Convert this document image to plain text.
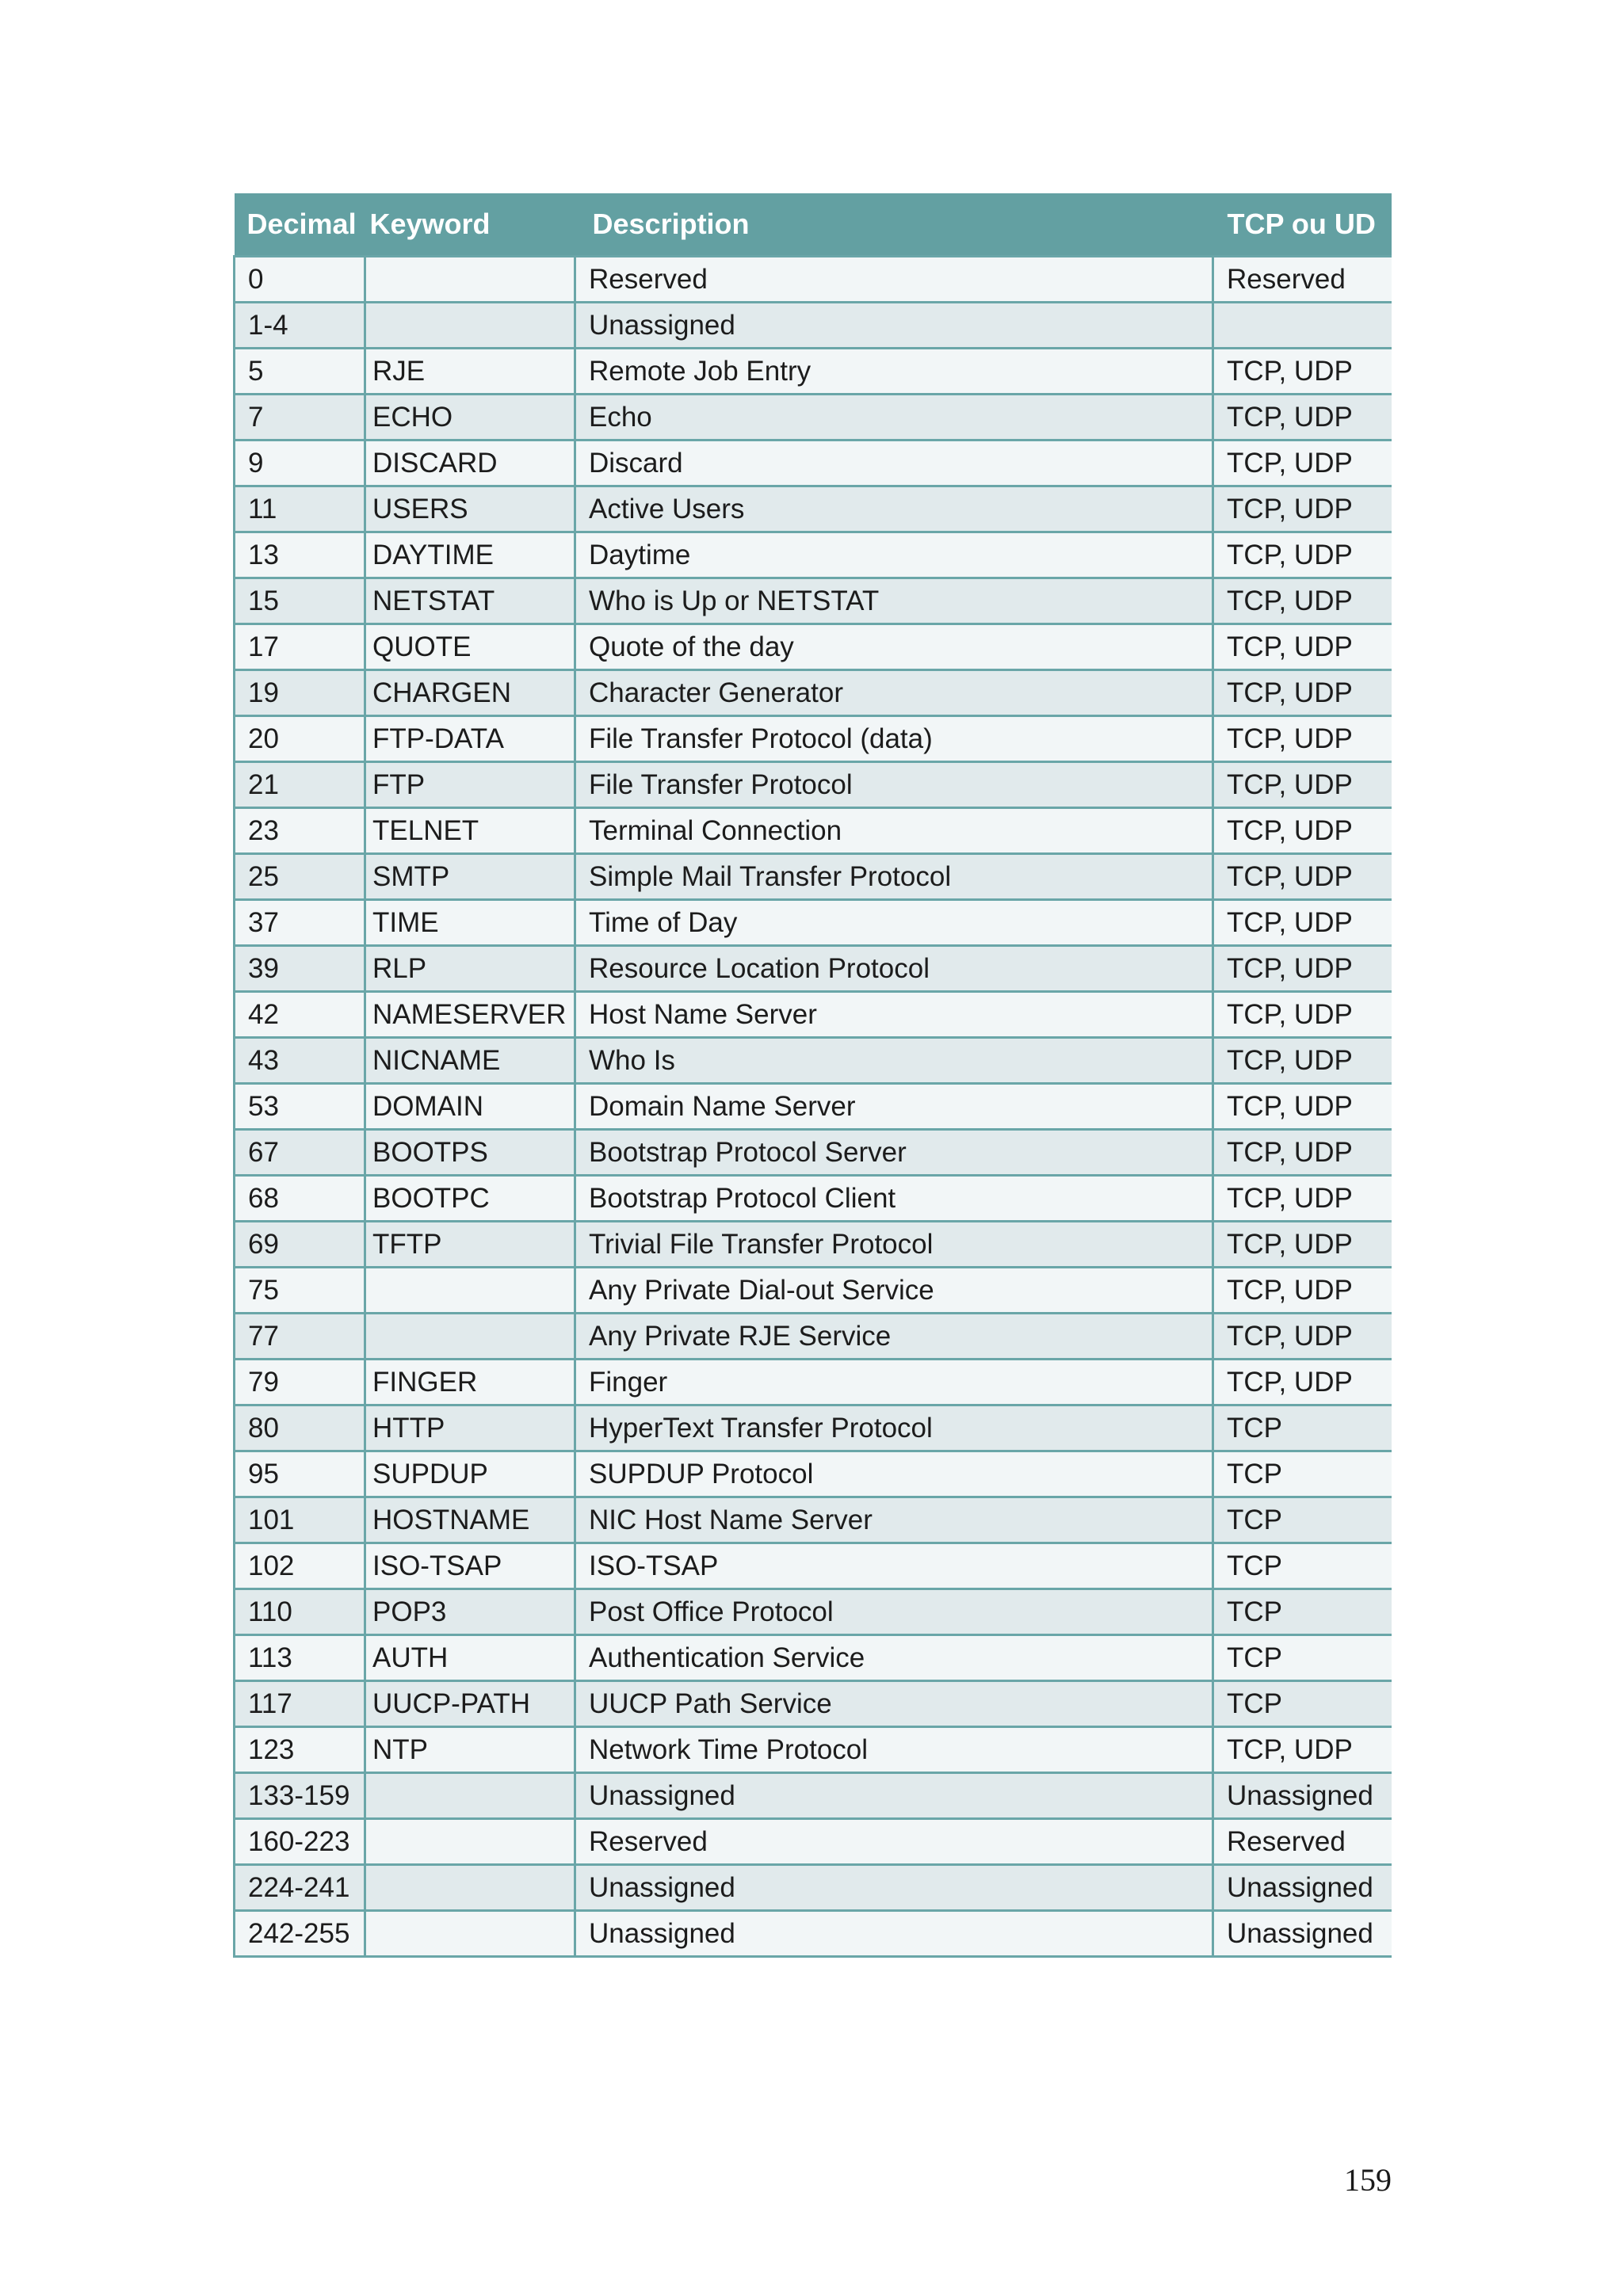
Decimal	Keyword	Description	TCP ou UD
0		Reserved	Reserved
1-4		Unassigned	
5	RJE	Remote Job Entry	TCP, UDP
7	ECHO	Echo	TCP, UDP
9	DISCARD	Discard	TCP, UDP
11	USERS	Active Users	TCP, UDP
13	DAYTIME	Daytime	TCP, UDP
15	NETSTAT	Who is Up or NETSTAT	TCP, UDP
17	QUOTE	Quote of the day	TCP, UDP
19	CHARGEN	Character Generator	TCP, UDP
20	FTP-DATA	File Transfer Protocol (data)	TCP, UDP
21	FTP	File Transfer Protocol	TCP, UDP
23	TELNET	Terminal Connection	TCP, UDP
25	SMTP	Simple Mail Transfer Protocol	TCP, UDP
37	TIME	Time of Day	TCP, UDP
39	RLP	Resource Location Protocol	TCP, UDP
42	NAMESERVER	Host Name Server	TCP, UDP
43	NICNAME	Who Is	TCP, UDP
53	DOMAIN	Domain Name Server	TCP, UDP
67	BOOTPS	Bootstrap Protocol Server	TCP, UDP
68	BOOTPC	Bootstrap Protocol Client	TCP, UDP
69	TFTP	Trivial File Transfer Protocol	TCP, UDP
75		Any Private Dial-out Service	TCP, UDP
77		Any Private RJE Service	TCP, UDP
79	FINGER	Finger	TCP, UDP
80	HTTP	HyperText Transfer Protocol	TCP
95	SUPDUP	SUPDUP Protocol	TCP
101	HOSTNAME	NIC Host Name Server	TCP
102	ISO-TSAP	ISO-TSAP	TCP
110	POP3	Post Office Protocol	TCP
113	AUTH	Authentication Service	TCP
117	UUCP-PATH	UUCP Path Service	TCP
123	NTP	Network Time Protocol	TCP, UDP
133-159		Unassigned	Unassigned
160-223		Reserved	Reserved
224-241		Unassigned	Unassigned
242-255		Unassigned	Unassigned
159
